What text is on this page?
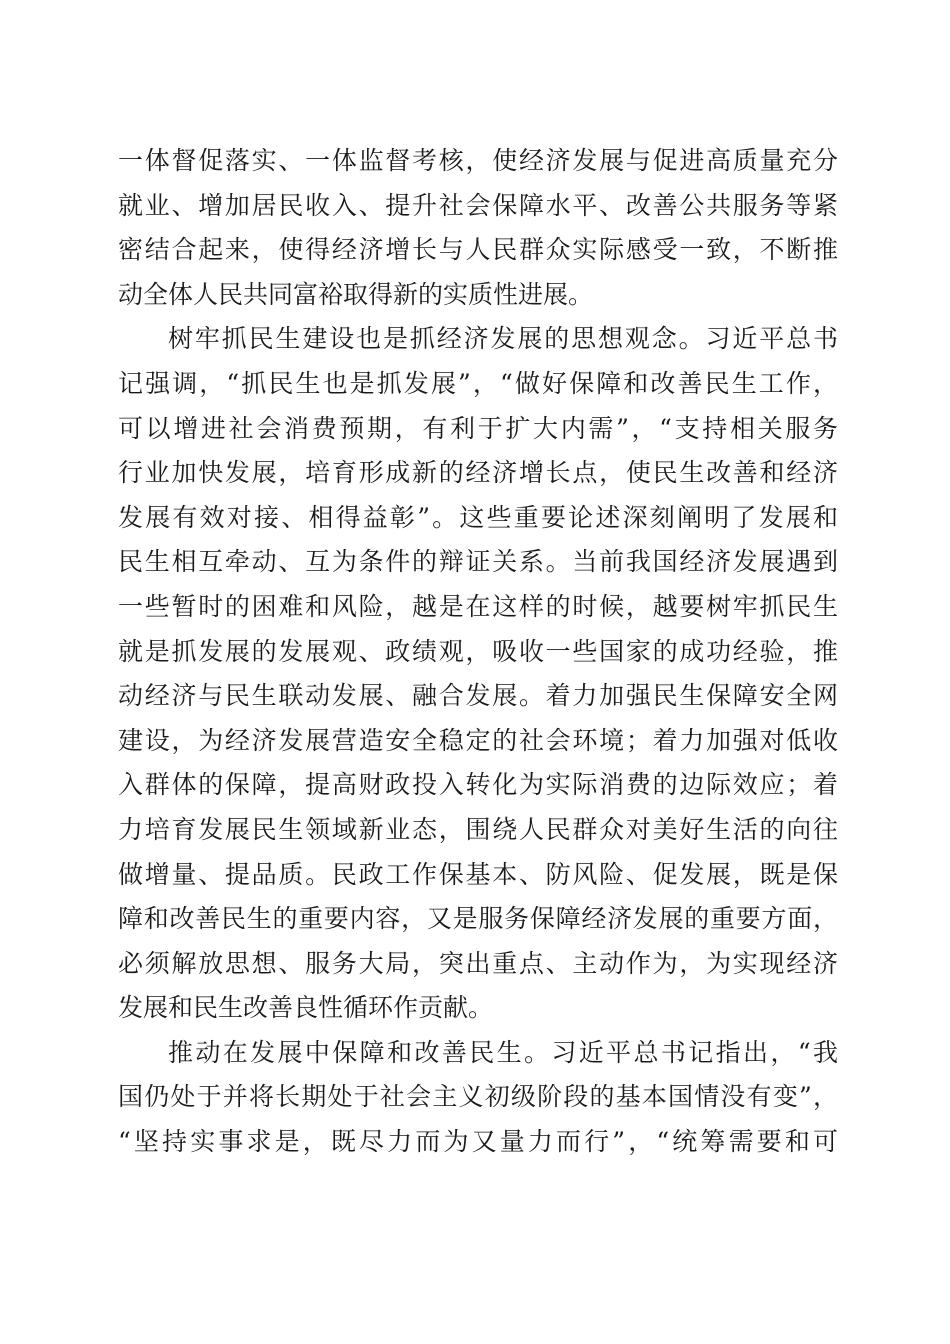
一体督促落实、一体监督考核，使经济发展与促进高质量充分
就业、增加居民收入、提升社会保障水平、改善公共服务等紧
密结合起来，使得经济增长与人民群众实际感受一致，不断推
动全体人民共同富裕取得新的实质性进展。
树牢抓民生建设也是抓经济发展的思想观念。习近平总书
记强调，“抓民生也是抓发展”，“做好保障和改善民生工作，
可以增进社会消费预期，有利于扩大内需”，“支持相关服务
行业加快发展，培育形成新的经济增长点，使民生改善和经济
发展有效对接、相得益彰”。这些重要论述深刻阐明了发展和
民生相互牵动、互为条件的辩证关系。当前我国经济发展遇到
一些暂时的困难和风险，越是在这样的时候，越要树牢抓民生
就是抓发展的发展观、政绩观，吸收一些国家的成功经验，推
动经济与民生联动发展、融合发展。着力加强民生保障安全网
建设，为经济发展营造安全稳定的社会环境；着力加强对低收
入群体的保障，提高财政投入转化为实际消费的边际效应；着
力培育发展民生领域新业态，围绕人民群众对美好生活的向往
做增量、提品质。民政工作保基本、防风险、促发展，既是保
障和改善民生的重要内容，又是服务保障经济发展的重要方面，
必须解放思想、服务大局，突出重点、主动作为，为实现经济
发展和民生改善良性循环作贡献。
推动在发展中保障和改善民生。习近平总书记指出，“我
国仍处于并将长期处于社会主义初级阶段的基本国情没有变”，
“坚持实事求是，既尽力而为又量力而行”，“统筹需要和可
